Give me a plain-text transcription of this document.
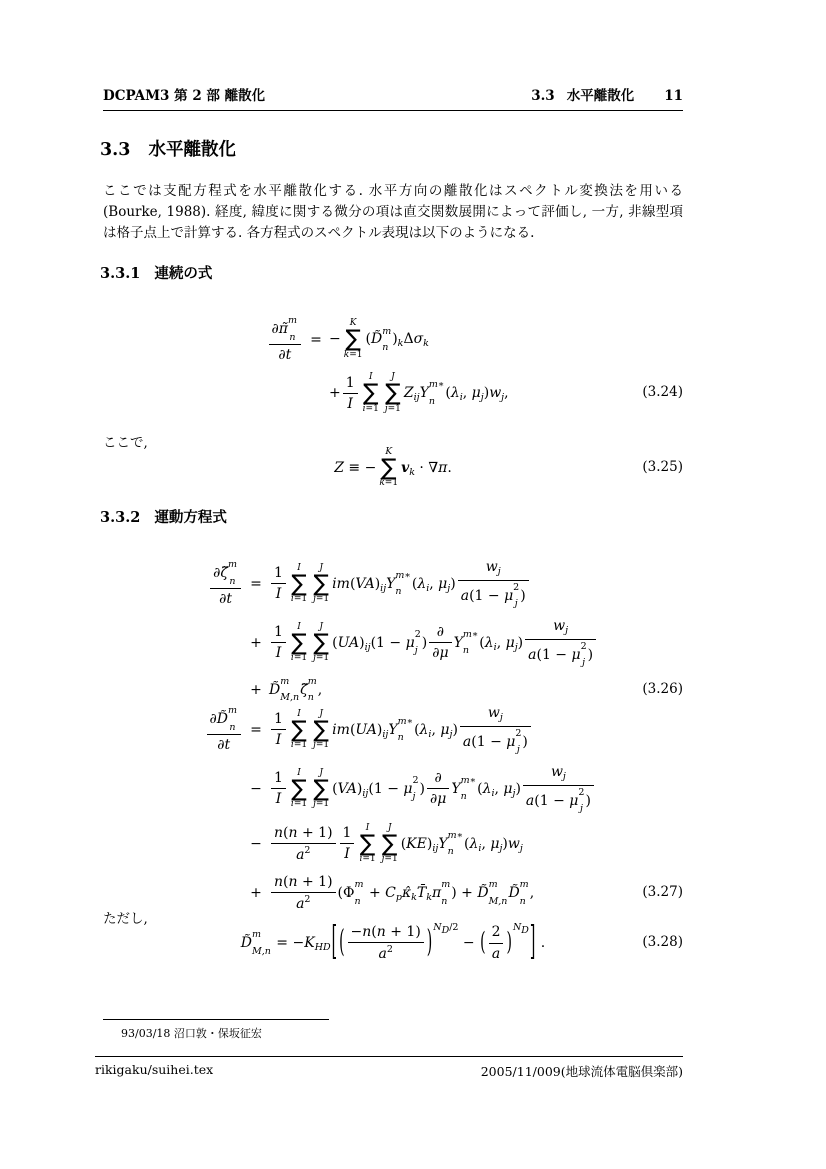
DCPAM3 第 2 部 離散化	3.3 水平離散化 11
3.3 水平離散化

ここでは支配方程式を水平離散化する. 水平方向の離散化はスペクトル変換法を用いる (Bourke, 1988). 経度, 緯度に関する微分の項は直交関数展開によって評価し, 一方, 非線型項は格子点上で計算する. 各方程式のスペクトル表現は以下のようになる.

3.3.1 連続の式
∂π̃
m
n
∂t = −
K
∑
k=1
(D̃
m
n )$_k\Delta\sigma_k$
+ $\frac{1}{I}$ I
∑
i=1
J
∑
j=1
$Z_{ij}Y$
m∗
n ($\lambda_i$, $\mu_j)w_j$,	(3.24)
ここで,
Z ≡ −
K
∑
k=1
$v_k \cdot \nabla\pi$.	(3.25)
3.3.2 運動方程式
∂ζ̃
m
n
$\partial t = \frac{1}{I}$ I
∑
i=1
J
∑
j=1
$im(VA)_{ij}Y$
m∗
n ($\lambda_i$, $\mu_j$) $w_j$
a(1 − μ
2
j )
+ $\frac{1}{I}$ I
∑
i=1
J
∑
j=1
$(UA)_{ij}(1 - \mu$
2
j ) $\frac{\partial}{\partial\mu}$ Y
m∗
n ($\lambda_i$, $\mu_j$) $w_j$
a(1 − μ
2
j )
+ D̃
m
M,n ζ̃
m
n ,	(3.26)
∂D̃
m
n
$\partial t = \frac{1}{I}$ I
∑
i=1
J
∑
j=1
$im(UA)_{ij}Y$
m∗
n ($\lambda_i$, $\mu_j$) $w_j$
a(1 − μ
2
j )
− $\frac{1}{I}$ I
∑
i=1
J
∑
j=1
$(VA)_{ij}(1 - \mu$
2
j ) $\frac{\partial}{\partial\mu}$ Y
m∗
n ($\lambda_i$, $\mu_j$) $w_j$
a(1 − μ
2
j )
− $\frac{n(n + 1)}{a^2} \frac{1}{I}$ I
∑
i=1
J
∑
j=1
$(KE)_{ij}Y$
m∗
n ($\lambda_i$, $\mu_j)w_j$
+ $\frac{n(n + 1)}{a^2} (\Phi$
m
$n + C_p\kappâ_kT̄_k\pi$
m
n ) + D̃
m
M,n D̃
m
n ,	(3.27)
ただし,
D̃
m
$M,n = -K_{HD}$[ ( $\frac{-n(n + 1)}{a^2} )^{ND/2}$ − ( $\frac{2}{a} )^{ND}$] .	(3.28)
93/03/18 沼口敦・保坂征宏
rikigaku/suihei.tex	2005/11/009(地球流体電脳倶楽部)
